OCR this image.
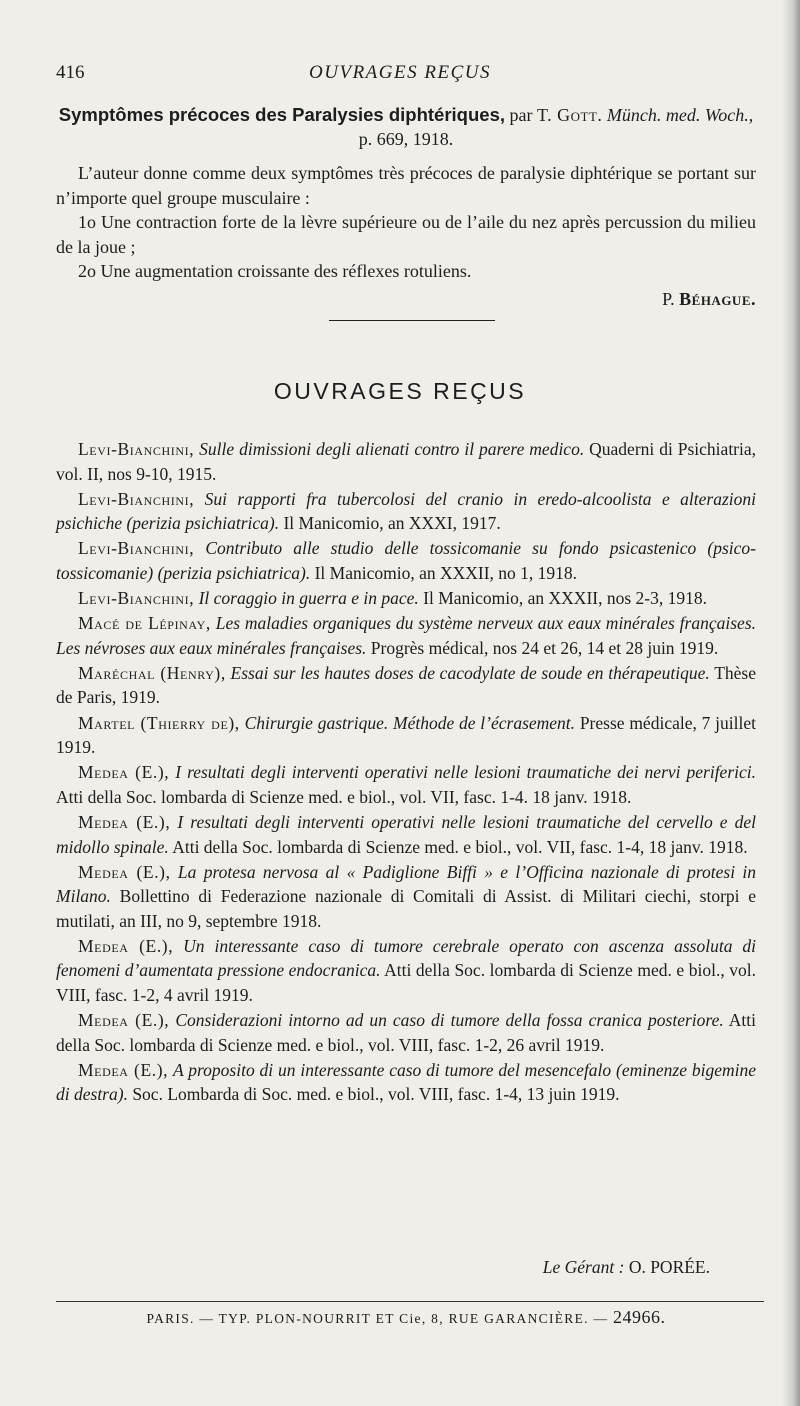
416	OUVRAGES REÇUS
Symptômes précoces des Paralysies diphtériques, par T. Gott. Münch. med. Woch., p. 669, 1918.

L’auteur donne comme deux symptômes très précoces de paralysie diphtérique se portant sur n’importe quel groupe musculaire :

1o Une contraction forte de la lèvre supérieure ou de l’aile du nez après percussion du milieu de la joue ;

2o Une augmentation croissante des réflexes rotuliens.

P. Béhague.

OUVRAGES REÇUS

Levi-Bianchini, Sulle dimissioni degli alienati contro il parere medico. Quaderni di Psichiatria, vol. II, nos 9-10, 1915.

Levi-Bianchini, Sui rapporti fra tubercolosi del cranio in eredo-alcoolista e alterazioni psichiche (perizia psichiatrica). Il Manicomio, an XXXI, 1917.

Levi-Bianchini, Contributo alle studio delle tossicomanie su fondo psicastenico (psico-tossicomanie) (perizia psichiatrica). Il Manicomio, an XXXII, no 1, 1918.

Levi-Bianchini, Il coraggio in guerra e in pace. Il Manicomio, an XXXII, nos 2-3, 1918.

Macé de Lépinay, Les maladies organiques du système nerveux aux eaux minérales françaises. Les névroses aux eaux minérales françaises. Progrès médical, nos 24 et 26, 14 et 28 juin 1919.

Maréchal (Henry), Essai sur les hautes doses de cacodylate de soude en thérapeutique. Thèse de Paris, 1919.

Martel (Thierry de), Chirurgie gastrique. Méthode de l’écrasement. Presse médicale, 7 juillet 1919.

Medea (E.), I resultati degli interventi operativi nelle lesioni traumatiche dei nervi periferici. Atti della Soc. lombarda di Scienze med. e biol., vol. VII, fasc. 1-4. 18 janv. 1918.

Medea (E.), I resultati degli interventi operativi nelle lesioni traumatiche del cervello e del midollo spinale. Atti della Soc. lombarda di Scienze med. e biol., vol. VII, fasc. 1-4, 18 janv. 1918.

Medea (E.), La protesa nervosa al « Padiglione Biffi » e l’Officina nazionale di protesi in Milano. Bollettino di Federazione nazionale di Comitali di Assist. di Militari ciechi, storpi e mutilati, an III, no 9, septembre 1918.

Medea (E.), Un interessante caso di tumore cerebrale operato con ascenza assoluta di fenomeni d’aumentata pressione endocranica. Atti della Soc. lombarda di Scienze med. e biol., vol. VIII, fasc. 1-2, 4 avril 1919.

Medea (E.), Considerazioni intorno ad un caso di tumore della fossa cranica posteriore. Atti della Soc. lombarda di Scienze med. e biol., vol. VIII, fasc. 1-2, 26 avril 1919.

Medea (E.), A proposito di un interessante caso di tumore del mesencefalo (eminenze bigemine di destra). Soc. Lombarda di Soc. med. e biol., vol. VIII, fasc. 1-4, 13 juin 1919.

Le Gérant : O. PORÉE.
PARIS. — TYP. PLON-NOURRIT ET Cie, 8, RUE GARANCIÈRE. — 24966.
